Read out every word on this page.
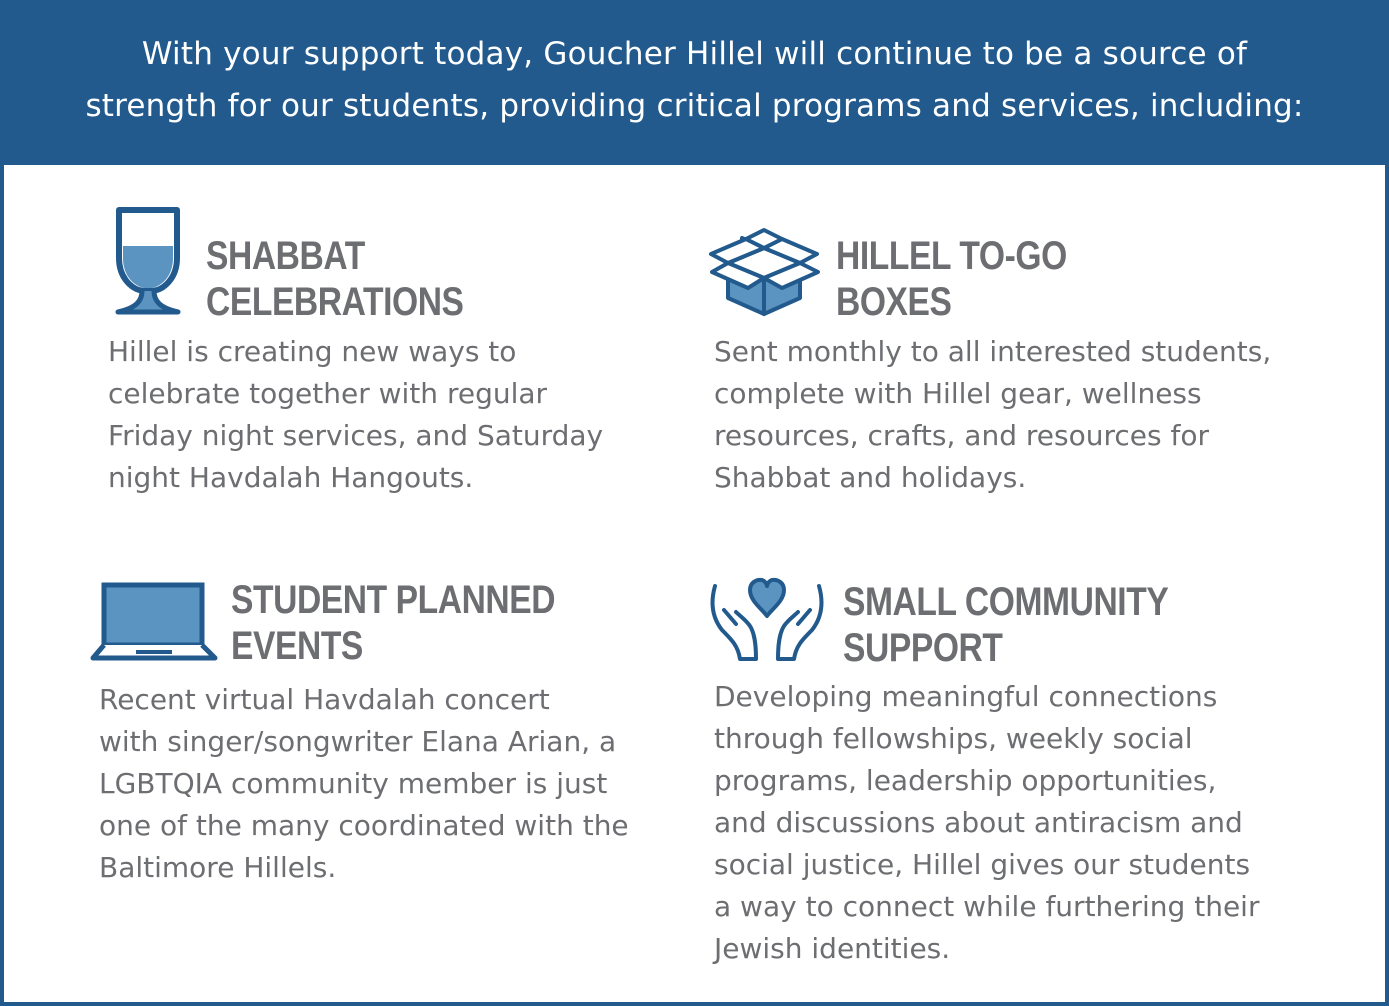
With your support today, Goucher Hillel will continue to be a source of

strength for our students, providing critical programs and services, including:

SHABBAT
CELEBRATIONS

Hillel is creating new ways to
celebrate together with regular
Friday night services, and Saturday
night Havdalah Hangouts.

HILLEL TO-GO
BOXES

Sent monthly to all interested students,
complete with Hillel gear, wellness
resources, crafts, and resources for
Shabbat and holidays.

STUDENT PLANNED
EVENTS

Recent virtual Havdalah concert
with singer/songwriter Elana Arian, a
LGBTQIA community member is just
one of the many coordinated with the
Baltimore Hillels.

SMALL COMMUNITY
SUPPORT

Developing meaningful connections
through fellowships, weekly social
programs, leadership opportunities,
and discussions about antiracism and
social justice, Hillel gives our students
a way to connect while furthering their
Jewish identities.
